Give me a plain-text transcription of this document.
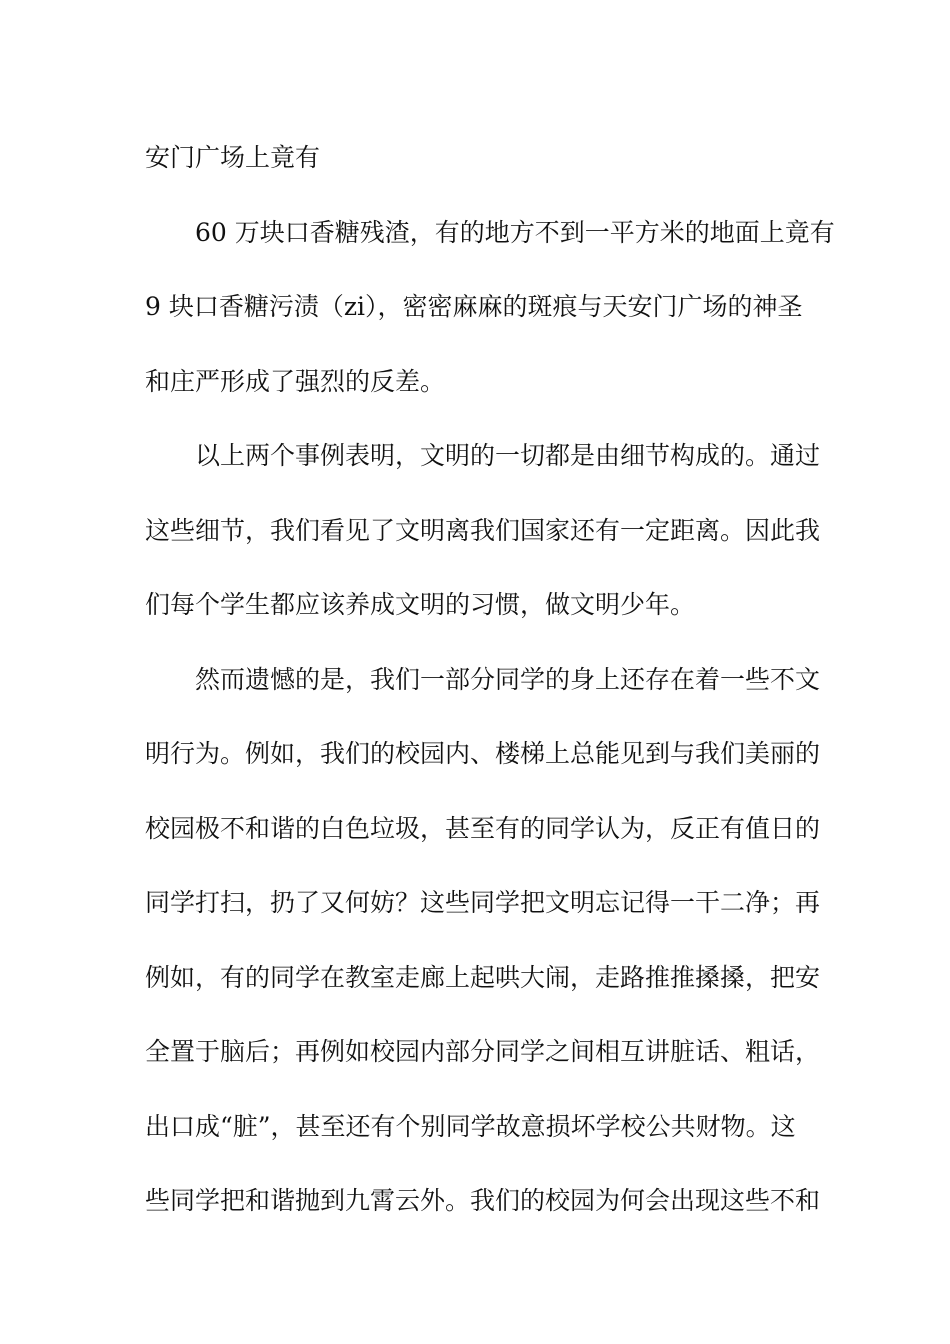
安门广场上竟有

60 万块口香糖残渣，有的地方不到一平方米的地面上竟有

9 块口香糖污渍（zi），密密麻麻的斑痕与天安门广场的神圣

和庄严形成了强烈的反差。

以上两个事例表明，文明的一切都是由细节构成的。通过

这些细节，我们看见了文明离我们国家还有一定距离。因此我

们每个学生都应该养成文明的习惯，做文明少年。

然而遗憾的是，我们一部分同学的身上还存在着一些不文

明行为。例如，我们的校园内、楼梯上总能见到与我们美丽的

校园极不和谐的白色垃圾，甚至有的同学认为，反正有值日的

同学打扫，扔了又何妨？这些同学把文明忘记得一干二净；再

例如，有的同学在教室走廊上起哄大闹，走路推推搡搡，把安

全置于脑后；再例如校园内部分同学之间相互讲脏话、粗话，

出口成“脏”，甚至还有个别同学故意损坏学校公共财物。这

些同学把和谐抛到九霄云外。我们的校园为何会出现这些不和
